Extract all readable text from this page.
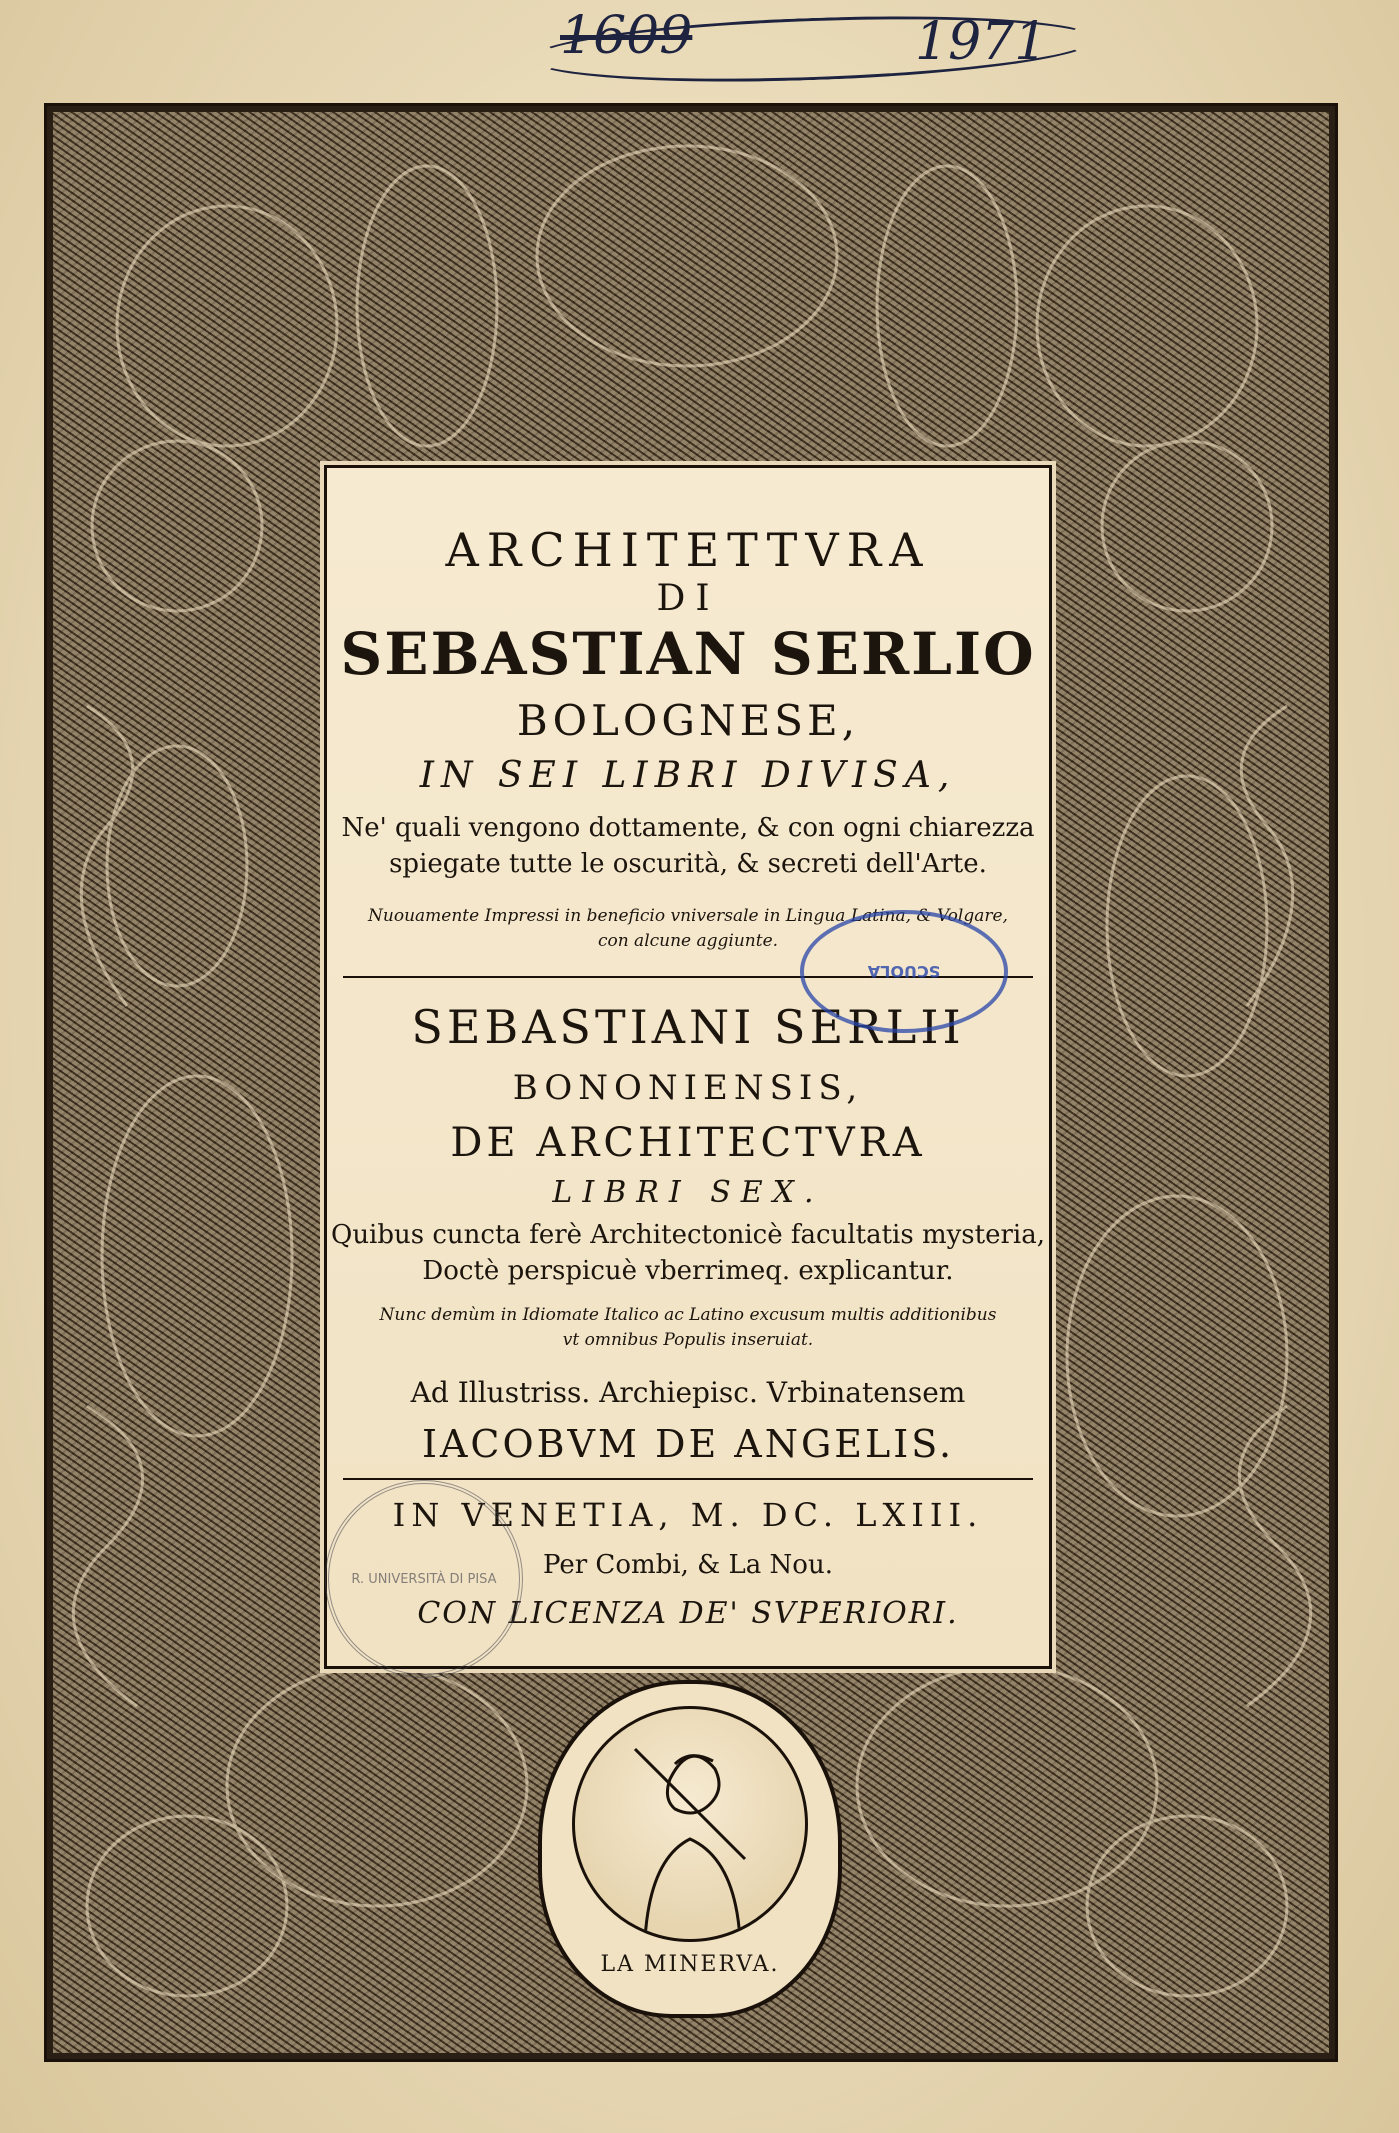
1609	1971
ARCHITETTVRA
DI
SEBASTIAN SERLIO
BOLOGNESE,
IN SEI LIBRI DIVISA,
Ne' quali vengono dottamente, & con ogni chiarezza
spiegate tutte le oscurità, & secreti dell'Arte.
Nuouamente Impressi in beneficio vniversale in Lingua Latina, & Volgare,
con alcune aggiunte.
SEBASTIANI SERLII
BONONIENSIS,
DE ARCHITECTVRA
LIBRI SEX.
Quibus cuncta ferè Architectonicè facultatis mysteria,
Doctè perspicuè vberrimeq. explicantur.
Nunc demùm in Idiomate Italico ac Latino excusum multis additionibus
vt omnibus Populis inseruiat.
Ad Illustriss. Archiepisc. Vrbinatensem
IACOBVM DE ANGELIS.
IN VENETIA, M. DC. LXIII.
Per Combi, & La Nou.
CON LICENZA DE' SVPERIORI.
SCUOLA
R. UNIVERSITÀ DI PISA
LA MINERVA.
